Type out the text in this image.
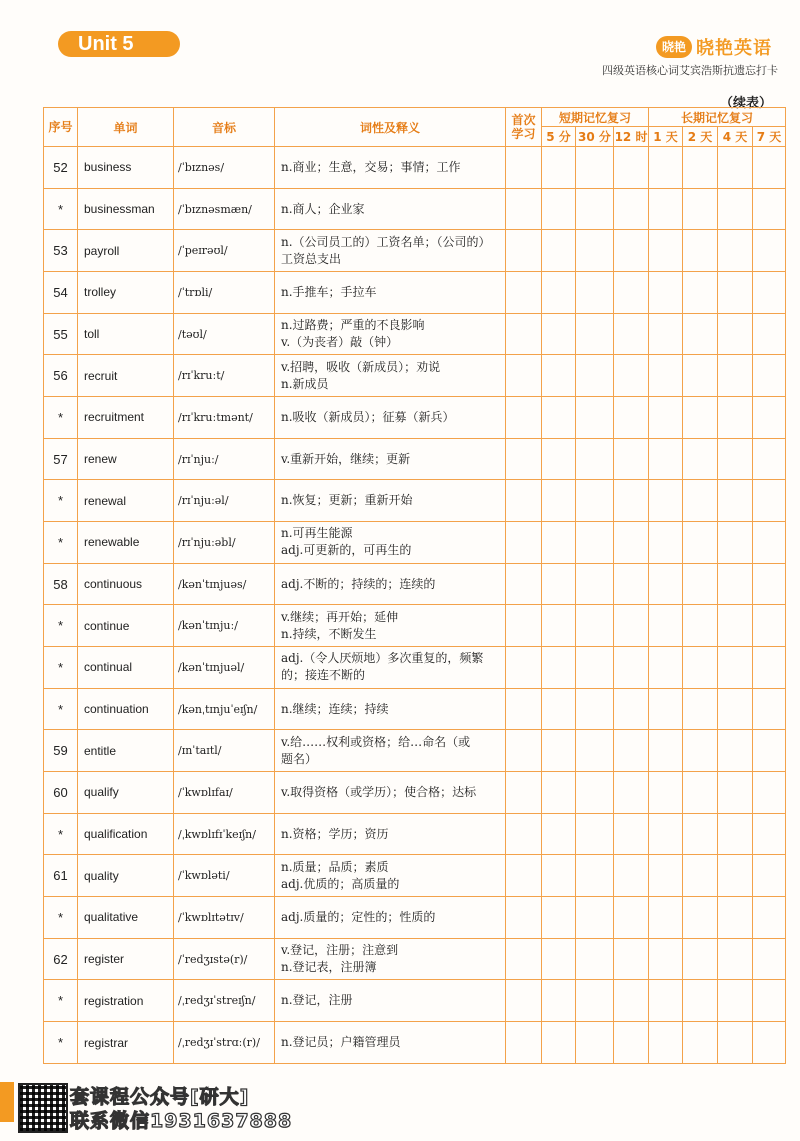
Unit 5	晓艳 晓艳英语
四级英语核心词艾宾浩斯抗遗忘打卡
（续表）
序号	单词	音标	词性及释义	首次学习	短期记忆复习			长期记忆复习			
					5 分	30 分	12 时	1 天	2 天	4 天	7 天
52	business	/ˈbɪznəs/	n.商业；生意，交易；事情；工作								

*	businessman	/ˈbɪznəsmæn/	n.商人；企业家								

53	payroll	/ˈpeɪrəʊl/	n.（公司员工的）工资名单；（公司的）
工资总支出								

54	trolley	/ˈtrɒli/	n.手推车；手拉车								

55	toll	/təʊl/	n.过路费；严重的不良影响
v.（为丧者）敲（钟）								

56	recruit	/rɪˈkruːt/	v.招聘，吸收（新成员）；劝说
n.新成员								

*	recruitment	/rɪˈkruːtmənt/	n.吸收（新成员）；征募（新兵）								

57	renew	/rɪˈnjuː/	v.重新开始，继续；更新								

*	renewal	/rɪˈnjuːəl/	n.恢复；更新；重新开始								

*	renewable	/rɪˈnjuːəbl/	n.可再生能源
adj.可更新的，可再生的								

58	continuous	/kənˈtɪnjuəs/	adj.不断的；持续的；连续的								

*	continue	/kənˈtɪnjuː/	v.继续；再开始；延伸
n.持续，不断发生								

*	continual	/kənˈtɪnjuəl/	adj.（令人厌烦地）多次重复的，频繁
的；接连不断的								

*	continuation	/kənˌtɪnjuˈeɪʃn/	n.继续；连续；持续								

59	entitle	/ɪnˈtaɪtl/	v.给……权利或资格；给…命名（或
题名）								

60	qualify	/ˈkwɒlɪfaɪ/	v.取得资格（或学历）；使合格；达标								

*	qualification	/ˌkwɒlɪfɪˈkeɪʃn/	n.资格；学历；资历								

61	quality	/ˈkwɒləti/	n.质量；品质；素质
adj.优质的；高质量的								

*	qualitative	/ˈkwɒlɪtətɪv/	adj.质量的；定性的；性质的								

62	register	/ˈredʒɪstə(r)/	v.登记，注册；注意到
n.登记表，注册簿								

*	registration	/ˌredʒɪˈstreɪʃn/	n.登记，注册								

*	registrar	/ˌredʒɪˈstrɑː(r)/	n.登记员；户籍管理员								

套课程公众号[研大]
联系微信1931637888
